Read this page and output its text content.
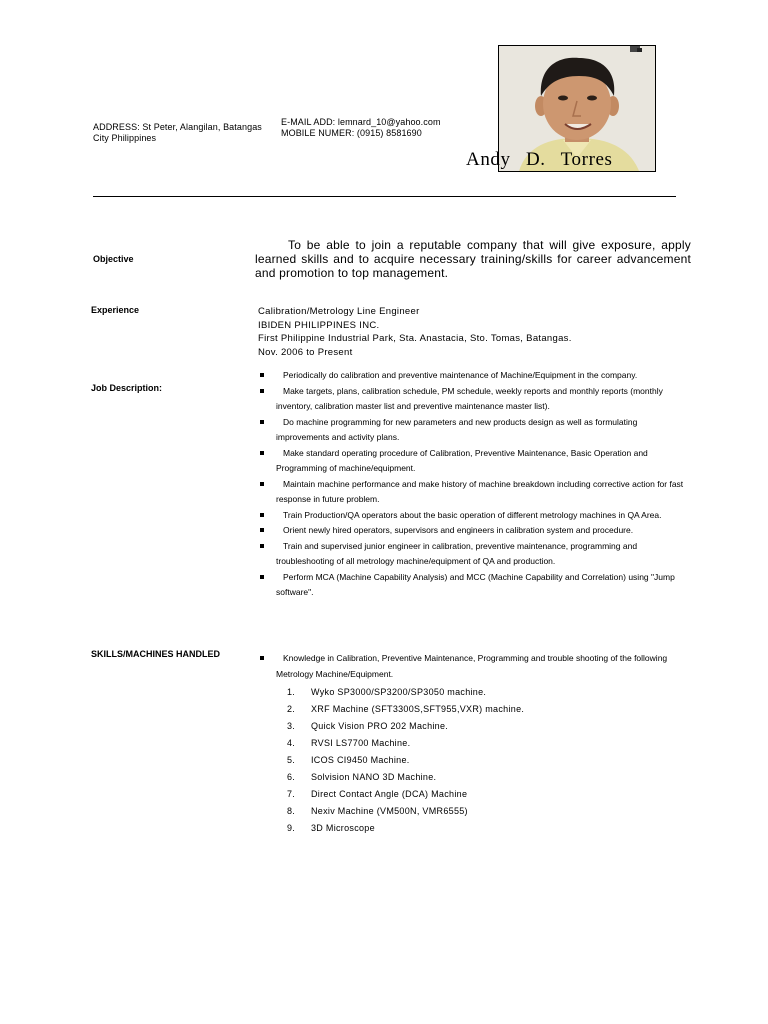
ADDRESS: St Peter, Alangilan, Batangas
City Philippines
E-MAIL ADD: lemnard_10@yahoo.com
MOBILE NUMER: (0915) 8581690
Andy D. Torres
Objective
To be able to join a reputable company that will give exposure, apply learned skills and to acquire necessary training/skills for career advancement and promotion to top management.
Experience	Calibration/Metrology Line Engineer
IBIDEN PHILIPPINES INC.
First Philippine Industrial Park, Sta. Anastacia, Sto. Tomas, Batangas.
Nov. 2006 to Present
Job Description:
Periodically do calibration and preventive maintenance of Machine/Equipment in the company.
Make targets, plans, calibration schedule, PM schedule, weekly reports and monthly reports (monthly inventory, calibration master list and preventive maintenance master list).
Do machine programming for new parameters and new products design as well as formulating improvements and activity plans.
Make standard operating procedure of Calibration, Preventive Maintenance, Basic Operation and Programming of machine/equipment.
Maintain machine performance and make history of machine breakdown including corrective action for fast response in future problem.
Train Production/QA operators about the basic operation of different metrology machines in QA Area.
Orient newly hired operators, supervisors and engineers in calibration system and procedure.
Train and supervised junior engineer in calibration, preventive maintenance, programming and troubleshooting of all metrology machine/equipment of QA and production.
Perform MCA (Machine Capability Analysis) and MCC (Machine Capability and Correlation) using "Jump software".
SKILLS/MACHINES HANDLED	Knowledge in Calibration, Preventive Maintenance, Programming and trouble shooting of the following Metrology Machine/Equipment.
1. Wyko SP3000/SP3200/SP3050 machine.
2. XRF Machine (SFT3300S,SFT955,VXR) machine.
3. Quick Vision PRO 202 Machine.
4. RVSI LS7700 Machine.
5. ICOS CI9450 Machine.
6. Solvision NANO 3D Machine.
7. Direct Contact Angle (DCA) Machine
8. Nexiv Machine (VM500N, VMR6555)
9. 3D Microscope
